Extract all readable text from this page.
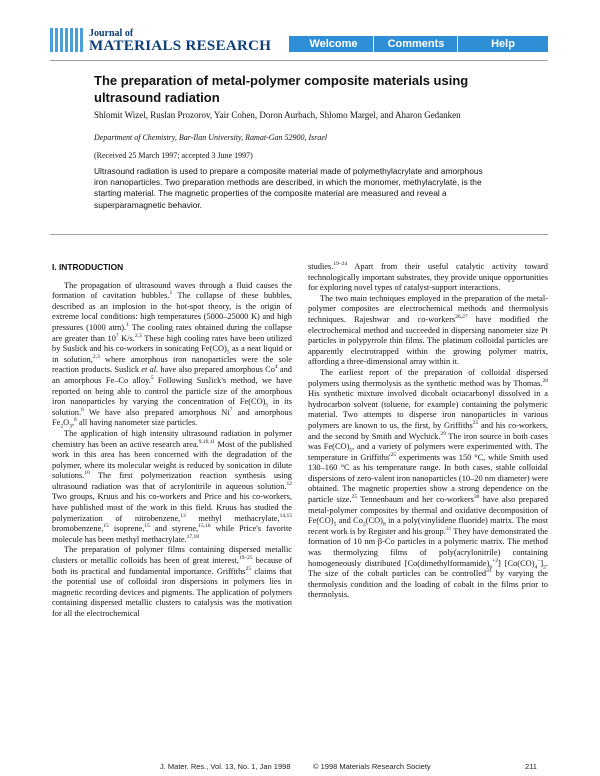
Journal of
MATERIALS RESEARCH	Welcome	Comments	Help
The preparation of metal-polymer composite materials using ultrasound radiation
Shlomit Wizel, Ruslan Prozorov, Yair Cohen, Doron Aurbach, Shlomo Margel, and Aharon Gedanken
Department of Chemistry, Bar-Ilan University, Ramat-Gan 52900, Israel
(Received 25 March 1997; accepted 3 June 1997)
Ultrasound radiation is used to prepare a composite material made of polymethylacrylate and amorphous iron nanoparticles. Two preparation methods are described, in which the monomer, methylacrylate, is the starting material. The magnetic properties of the composite material are measured and reveal a superparamagnetic behavior.
I. INTRODUCTION

The propagation of ultrasound waves through a fluid causes the formation of cavitation bubbles.$^1$ The collapse of these bubbles, described as an implosion in the hot-spot theory, is the origin of extreme local conditions: high temperatures (5000–25000 K) and high pressures (1000 atm).$^1$ The cooling rates obtained during the collapse are greater than $10^7$ K/s.$^{2,3}$ These high cooling rates have been utilized by Suslick and his co-workers in sonicating $Fe(CO)_5$ as a neat liquid or in solution,$^{2,3}$ where amorphous iron nanoparticles were the sole reaction products. Suslick et al. have also prepared amorphous Co$^4$ and an amorphous Fe–Co alloy.$^5$ Following Suslick's method, we have reported on being able to control the particle size of the amorphous iron nanoparticles by varying the concentration of $Fe(CO)_5$ in its solution.$^6$ We have also prepared amorphous Ni$^7$ and amorphous $Fe_2O_3,^8$ all having nanometer size particles.

The application of high intensity ultrasound radiation in polymer chemistry has been an active research area.$^{9,10,11}$ Most of the published work in this area has been concerned with the degradation of the polymer, where its molecular weight is reduced by sonication in dilute solutions.$^{10}$ The first polymerization reaction synthesis using ultrasound radiation was that of acrylonitrile in aqueous solution.$^{12}$ Two groups, Kruus and his co-workers and Price and his co-workers, have published most of the work in this field. Kruus has studied the polymerization of nitrobenzene,$^{13}$ methyl methacrylate,$^{14,15}$ bromobenzene,$^{15}$ isoprene,$^{15}$ and styrene,$^{15,16}$ while Price's favorite molecule has been methyl methacrylate.$^{17,18}$

The preparation of polymer films containing dispersed metallic clusters or metallic colloids has been of great interest,$^{19-25}$ because of both its practical and fundamental importance. Griffiths$^{25}$ claims that the potential use of colloidal iron dispersions in polymers lies in magnetic recording devices and pigments. The application of polymers containing dispersed metallic clusters to catalysis was the motivation for all the electrochemical

studies.$^{19-24}$ Apart from their useful catalytic activity toward technologically important substrates, they provide unique opportunities for exploring novel types of catalyst-support interactions.

The two main techniques employed in the preparation of the metal-polymer composites are electrochemical methods and thermolysis techniques. Rajeshwar and co-workers$^{26,27}$ have modified the electrochemical method and succeeded in dispersing nanometer size Pt particles in polypyrrole thin films. The platinum colloidal particles are apparently electrotrapped within the growing polymer matrix, affording a three-dimensional array within it.

The earliest report of the preparation of colloidal dispersed polymers using thermolysis as the synthetic method was by Thomas.$^{28}$ His synthetic mixture involved dicobalt octacarbonyl dissolved in a hydrocarbon solvent (toluene, for example) containing the polymeric material. Two attempts to disperse iron nanoparticles in various polymers are known to us, the first, by Griffiths$^{25}$ and his co-workers, and the second by Smith and Wychick.$^{29}$ The iron source in both cases was $Fe(CO)_5$, and a variety of polymers were experimented with. The temperature in $Griffiths'^{25}$ experiments was 150 °C, while Smith used 130–160 °C as his temperature range. In both cases, stable colloidal dispersions of zero-valent iron nanoparticles (10–20 nm diameter) were obtained. The magnetic properties show a strong dependence on the particle size.$^{25}$ Tennenbaum and her co-workers$^{30}$ have also prepared metal-polymer composites by thermal and oxidative decomposition of $Fe(CO)_5$ and $Co_2(CO)_8$ in a poly(vinylidene fluoride) matrix. The most recent work is by Register and his group.$^{31}$ They have demonstrated the formation of 10 nm β-Co particles in a polymeric matrix. The method was thermolyzing films of poly(acrylonitrile) containing homogeneously distributed $[Co(dimethylformamide)_6^{+2}]$ $[Co(CO)_4^-]_2$. The size of the cobalt particles can be controlled$^{31}$ by varying the thermolysis condition and the loading of cobalt in the films prior to thermolysis.

J. Mater. Res., Vol. 13, No. 1, Jan 1998	© 1998 Materials Research Society	211
